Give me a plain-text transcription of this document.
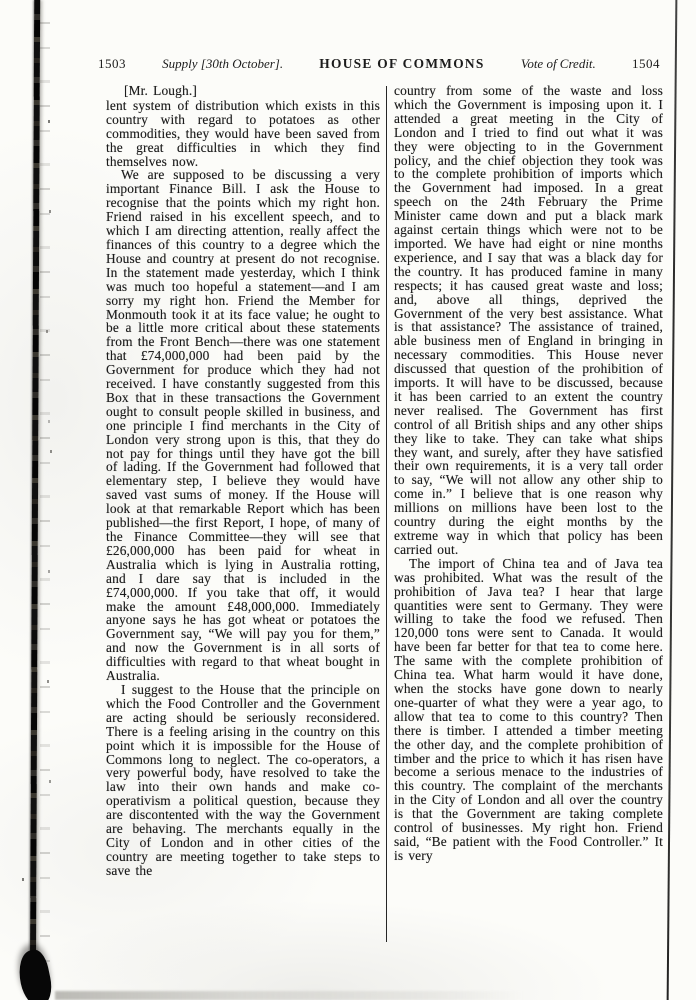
1503	Supply [30th October].	HOUSE OF COMMONS	Vote of Credit.	1504

[Mr. Lough.]

lent system of distribution which exists in this country with regard to potatoes as other commodities, they would have been saved from the great difficulties in which they find themselves now.

We are supposed to be discussing a very important Finance Bill. I ask the House to recognise that the points which my right hon. Friend raised in his excellent speech, and to which I am directing attention, really affect the finances of this country to a degree which the House and country at present do not recognise. In the statement made yesterday, which I think was much too hopeful a statement—and I am sorry my right hon. Friend the Member for Monmouth took it at its face value; he ought to be a little more critical about these statements from the Front Bench—there was one statement that £74,000,000 had been paid by the Government for produce which they had not received. I have constantly suggested from this Box that in these transactions the Government ought to consult people skilled in business, and one principle I find merchants in the City of London very strong upon is this, that they do not pay for things until they have got the bill of lading. If the Government had followed that elementary step, I believe they would have saved vast sums of money. If the House will look at that remarkable Report which has been published—the first Report, I hope, of many of the Finance Committee—they will see that £26,000,000 has been paid for wheat in Australia which is lying in Australia rotting, and I dare say that is included in the £74,000,000. If you take that off, it would make the amount £48,000,000. Immediately anyone says he has got wheat or potatoes the Government say, “We will pay you for them,” and now the Government is in all sorts of difficulties with regard to that wheat bought in Australia.

I suggest to the House that the principle on which the Food Controller and the Government are acting should be seriously reconsidered. There is a feeling arising in the country on this point which it is impossible for the House of Commons long to neglect. The co-operators, a very powerful body, have resolved to take the law into their own hands and make co-operativism a political question, because they are discontented with the way the Government are behaving. The merchants equally in the City of London and in other cities of the country are meeting together to take steps to save the

country from some of the waste and loss which the Government is imposing upon it. I attended a great meeting in the City of London and I tried to find out what it was they were objecting to in the Government policy, and the chief objection they took was to the complete prohibition of imports which the Government had imposed. In a great speech on the 24th February the Prime Minister came down and put a black mark against certain things which were not to be imported. We have had eight or nine months experience, and I say that was a black day for the country. It has produced famine in many respects; it has caused great waste and loss; and, above all things, deprived the Government of the very best assistance. What is that assistance? The assistance of trained, able business men of England in bringing in necessary commodities. This House never discussed that question of the prohibition of imports. It will have to be discussed, because it has been carried to an extent the country never realised. The Government has first control of all British ships and any other ships they like to take. They can take what ships they want, and surely, after they have satisfied their own requirements, it is a very tall order to say, “We will not allow any other ship to come in.” I believe that is one reason why millions on millions have been lost to the country during the eight months by the extreme way in which that policy has been carried out.

The import of China tea and of Java tea was prohibited. What was the result of the prohibition of Java tea? I hear that large quantities were sent to Germany. They were willing to take the food we refused. Then 120,000 tons were sent to Canada. It would have been far better for that tea to come here. The same with the complete prohibition of China tea. What harm would it have done, when the stocks have gone down to nearly one-quarter of what they were a year ago, to allow that tea to come to this country? Then there is timber. I attended a timber meeting the other day, and the complete prohibition of timber and the price to which it has risen have become a serious menace to the industries of this country. The complaint of the merchants in the City of London and all over the country is that the Government are taking complete control of businesses. My right hon. Friend said, “Be patient with the Food Controller.” It is very
